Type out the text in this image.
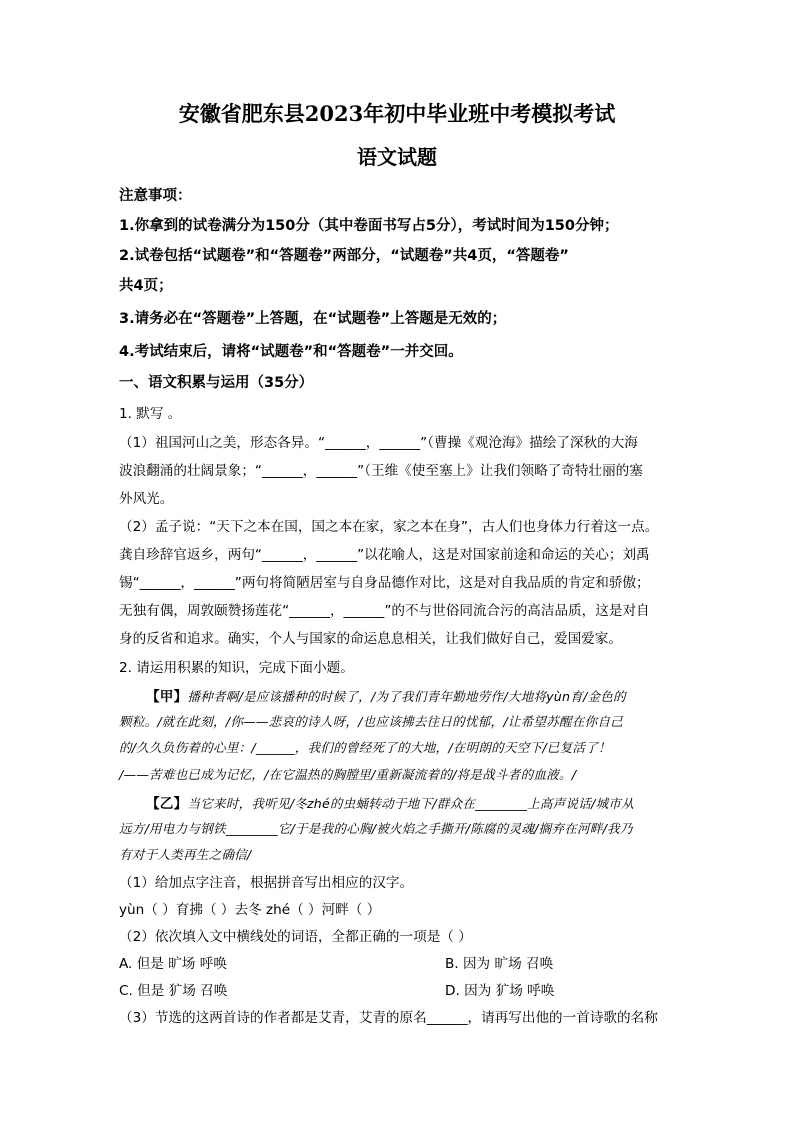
安徽省肥东县2023年初中毕业班中考模拟考试
语文试题
注意事项：
1.你拿到的试卷满分为150分（其中卷面书写占5分），考试时间为150分钟；
2.试卷包括“试题卷”和“答题卷”两部分，“试题卷”共4页，“答题卷”
共4页；
3.请务必在“答题卷”上答题，在“试题卷”上答题是无效的；
4.考试结束后，请将“试题卷”和“答题卷”一并交回。
一、语文积累与运用（35分）
1. 默写 。
（1）祖国河山之美，形态各异。“______，______”（曹操《观沧海》描绘了深秋的大海
波浪翻涌的壮阔景象；“______，______”（王维《使至塞上》让我们领略了奇特壮丽的塞
外风光。
（2）孟子说：“天下之本在国，国之本在家，家之本在身”，古人们也身体力行着这一点。
龚自珍辞官返乡，两句“______，______”以花喻人，这是对国家前途和命运的关心；刘禹
锡“______，______”两句将简陋居室与自身品德作对比，这是对自我品质的肯定和骄傲；
无独有偶，周敦颐赞扬莲花“______，______”的不与世俗同流合污的高洁品质，这是对自
身的反省和追求。确实，个人与国家的命运息息相关，让我们做好自己，爱国爱家。
2. 请运用积累的知识，完成下面小题。
【甲】播种者啊/是应该播种的时候了，/为了我们青年勤地劳作/大地将yùn育/金色的
颗粒。/就在此刻，/你——悲哀的诗人呀，/也应该拂去往日的忧郁，/让希望苏醒在你自己
的/久久负伤着的心里：/______，我们的曾经死了的大地，/在明朗的天空下/已复活了！
/——苦难也已成为记忆，/在它温热的胸膛里/重新凝流着的/将是战斗者的血液。/
【乙】当它来时，我听见/冬zhé的虫蛹转动于地下/群众在________上高声说话/城市从
远方/用电力与钢铁________它/于是我的心胸/被火焰之手撕开/陈腐的灵魂/搁弃在河畔/我乃
有对于人类再生之确信/
（1）给加点字注音，根据拼音写出相应的汉字。
yùn（ ）育拂（ ）去冬 zhé（ ）河畔（ ）
（2）依次填入文中横线处的词语，全都正确的一项是（ ）
A. 但是 旷场 呼唤	B. 因为 旷场 召唤
C. 但是 犷场 召唤	D. 因为 犷场 呼唤
（3）节选的这两首诗的作者都是艾青，艾青的原名______，请再写出他的一首诗歌的名称
